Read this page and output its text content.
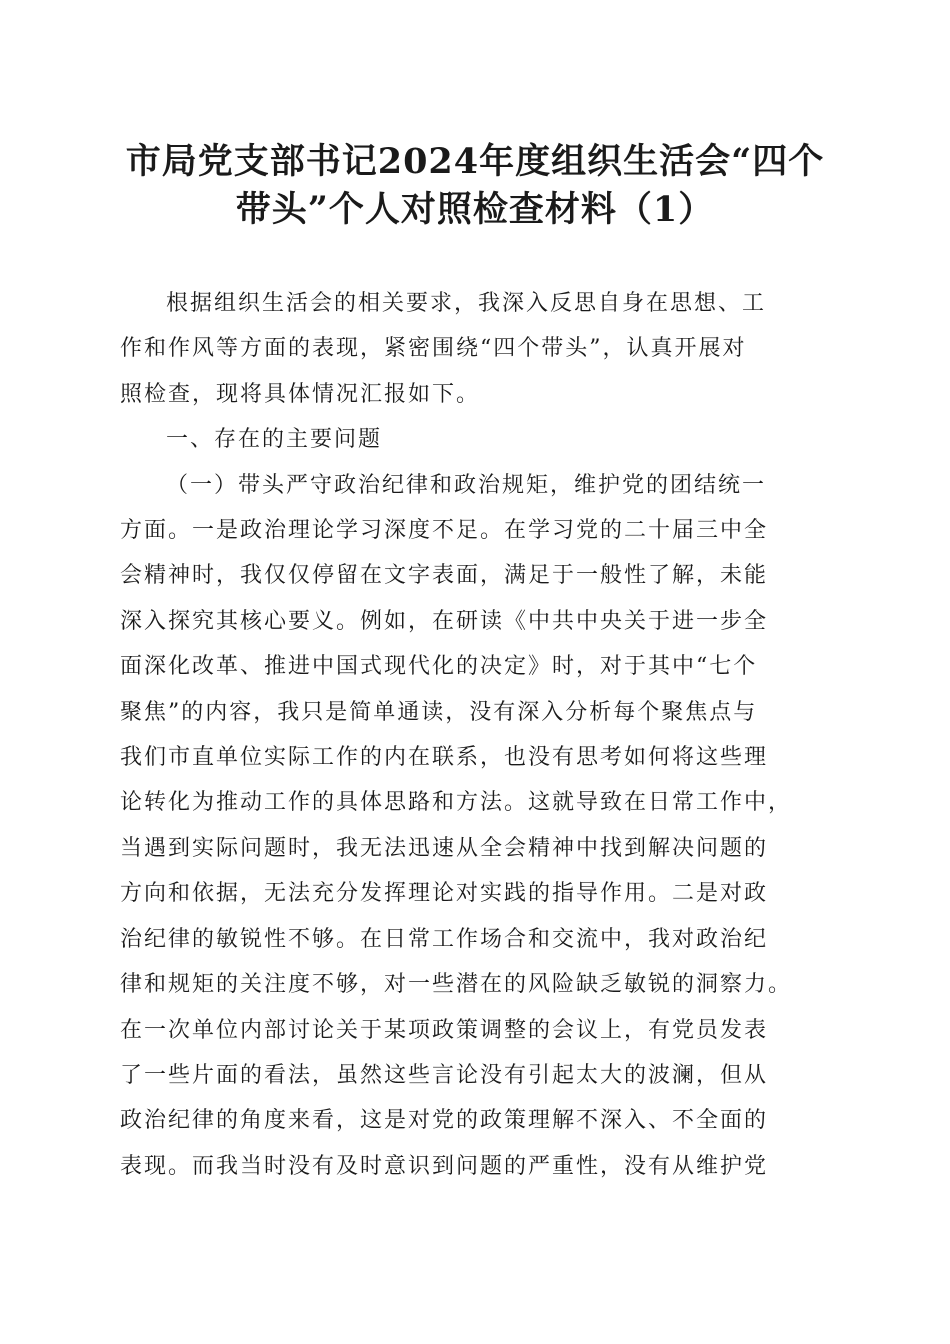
市局党支部书记2024年度组织生活会“四个
带头”个人对照检查材料（1）

根据组织生活会的相关要求，我深入反思自身在思想、工
作和作风等方面的表现，紧密围绕“四个带头”，认真开展对
照检查，现将具体情况汇报如下。

一、存在的主要问题

（一）带头严守政治纪律和政治规矩，维护党的团结统一
方面。一是政治理论学习深度不足。在学习党的二十届三中全
会精神时，我仅仅停留在文字表面，满足于一般性了解，未能
深入探究其核心要义。例如，在研读《中共中央关于进一步全
面深化改革、推进中国式现代化的决定》时，对于其中“七个
聚焦”的内容，我只是简单通读，没有深入分析每个聚焦点与
我们市直单位实际工作的内在联系，也没有思考如何将这些理
论转化为推动工作的具体思路和方法。这就导致在日常工作中，
当遇到实际问题时，我无法迅速从全会精神中找到解决问题的
方向和依据，无法充分发挥理论对实践的指导作用。二是对政
治纪律的敏锐性不够。在日常工作场合和交流中，我对政治纪
律和规矩的关注度不够，对一些潜在的风险缺乏敏锐的洞察力。
在一次单位内部讨论关于某项政策调整的会议上，有党员发表
了一些片面的看法，虽然这些言论没有引起太大的波澜，但从
政治纪律的角度来看，这是对党的政策理解不深入、不全面的
表现。而我当时没有及时意识到问题的严重性，没有从维护党
